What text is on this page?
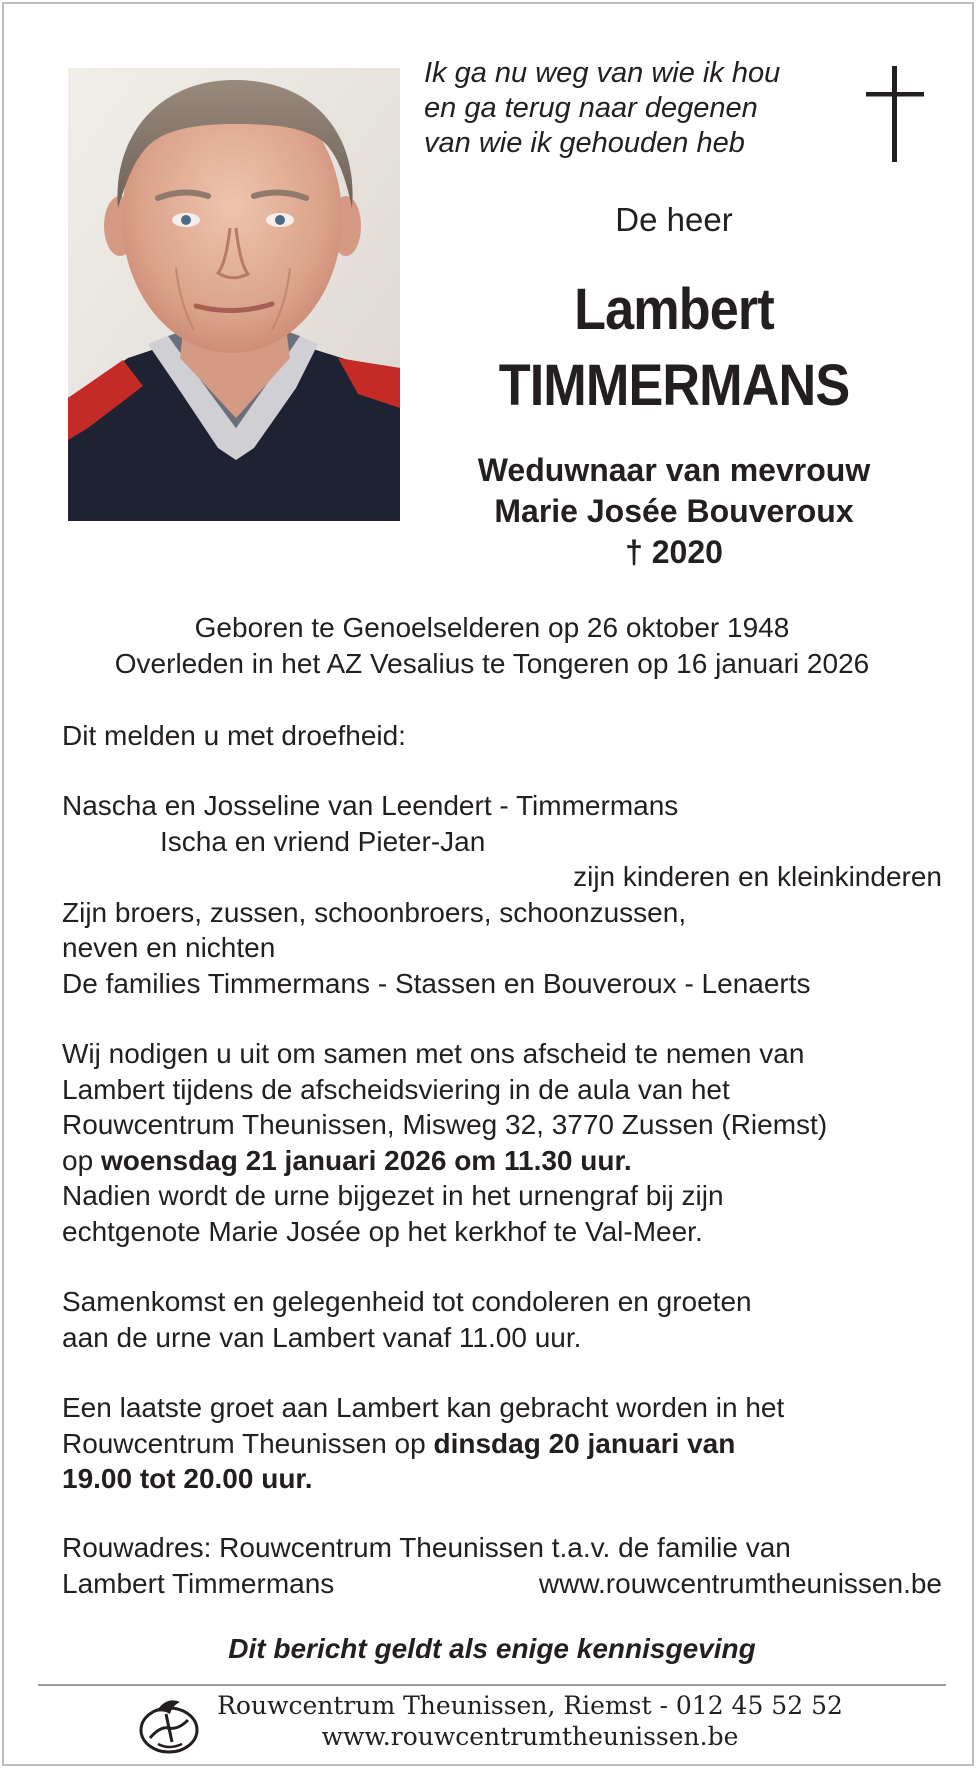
Ik ga nu weg van wie ik hou
en ga terug naar degenen
van wie ik gehouden heb
De heer
Lambert
TIMMERMANS
Weduwnaar van mevrouw
Marie Josée Bouveroux
† 2020
Geboren te Genoelselderen op 26 oktober 1948
Overleden in het AZ Vesalius te Tongeren op 16 januari 2026

Dit melden u met droefheid:

Nascha en Josseline van Leendert - Timmermans

Ischa en vriend Pieter-Jan

zijn kinderen en kleinkinderen

Zijn broers, zussen, schoonbroers, schoonzussen,

neven en nichten

De families Timmermans - Stassen en Bouveroux - Lenaerts

Wij nodigen u uit om samen met ons afscheid te nemen van

Lambert tijdens de afscheidsviering in de aula van het

Rouwcentrum Theunissen, Misweg 32, 3770 Zussen (Riemst)

op woensdag 21 januari 2026 om 11.30 uur.

Nadien wordt de urne bijgezet in het urnengraf bij zijn

echtgenote Marie Josée op het kerkhof te Val-Meer.

Samenkomst en gelegenheid tot condoleren en groeten

aan de urne van Lambert vanaf 11.00 uur.

Een laatste groet aan Lambert kan gebracht worden in het

Rouwcentrum Theunissen op dinsdag 20 januari van

19.00 tot 20.00 uur.

Rouwadres: Rouwcentrum Theunissen t.a.v. de familie van

Lambert Timmermans	www.rouwcentrumtheunissen.be
Dit bericht geldt als enige kennisgeving
Rouwcentrum Theunissen, Riemst - 012 45 52 52
www.rouwcentrumtheunissen.be
